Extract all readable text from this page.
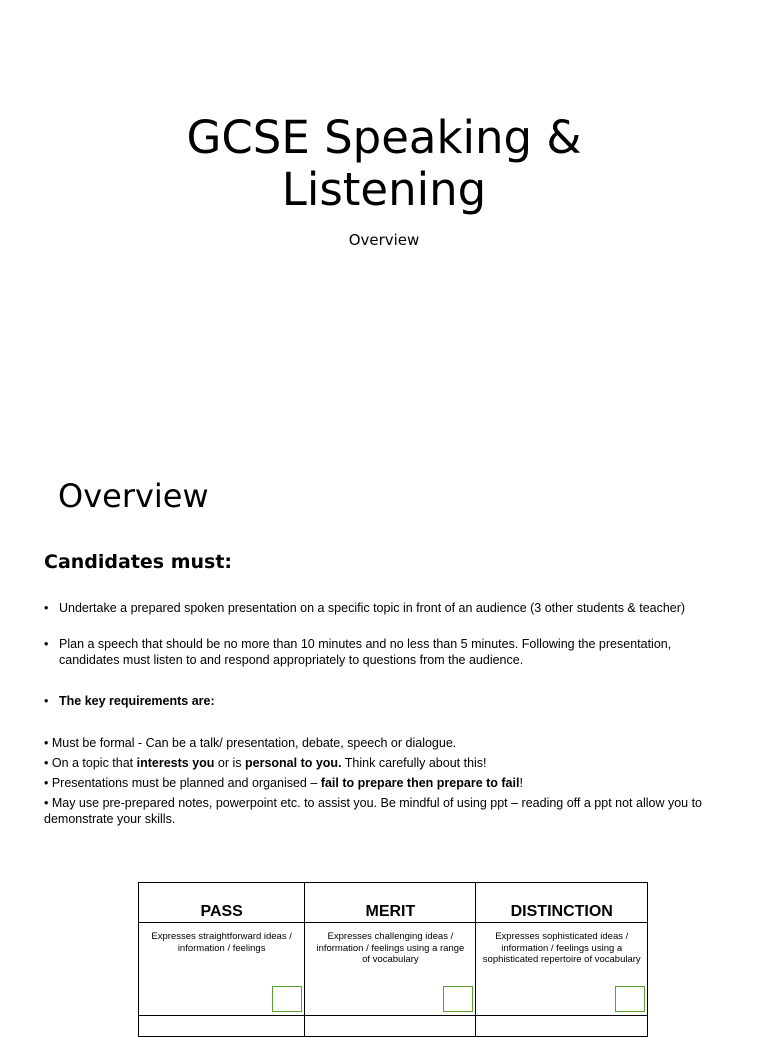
GCSE Speaking &
Listening
Overview
Overview
Candidates must:
• Undertake a prepared spoken presentation on a specific topic in front of an audience (3 other students & teacher)
• Plan a speech that should be no more than 10 minutes and no less than 5 minutes. Following the presentation, candidates must listen to and respond appropriately to questions from the audience.
• The key requirements are:

• Must be formal - Can be a talk/ presentation, debate, speech or dialogue.

• On a topic that interests you or is personal to you. Think carefully about this!

• Presentations must be planned and organised – fail to prepare then prepare to fail!

• May use pre-prepared notes, powerpoint etc. to assist you. Be mindful of using ppt – reading off a ppt not allow you to demonstrate your skills.

PASS	MERIT	DISTINCTION

Expresses straightforward ideas / information / feelings	Expresses challenging ideas / information / feelings using a range of vocabulary	Expresses sophisticated ideas / information / feelings using a sophisticated repertoire of vocabulary
